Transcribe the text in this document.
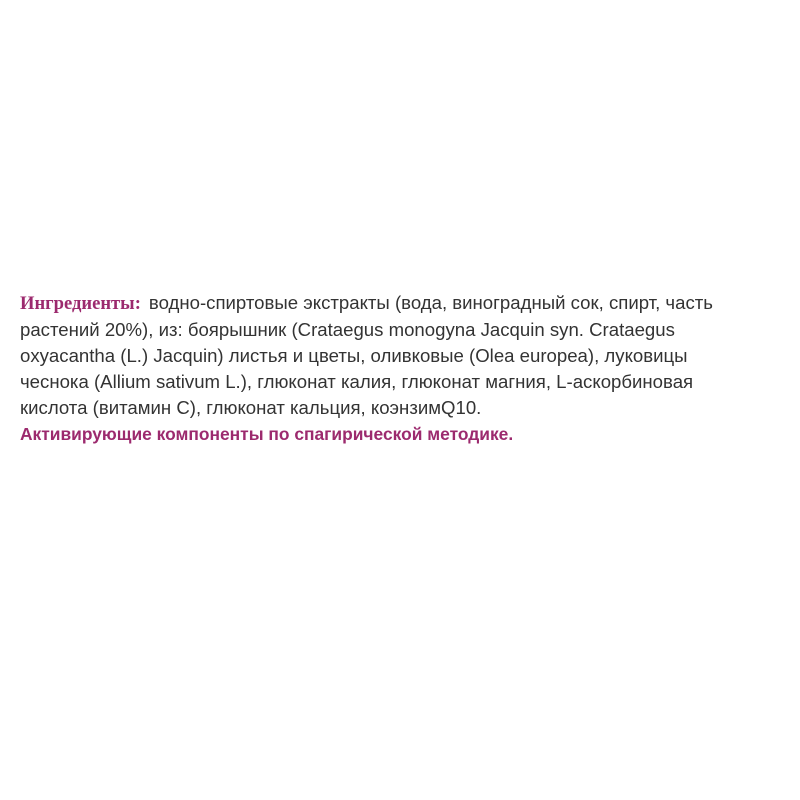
Ингредиенты: водно-спиртовые экстракты (вода, виноградный сок, спирт, часть
растений 20%), из: боярышник (Crataegus monogyna Jacquin syn. Crataegus
oxyacantha (L.) Jacquin) листья и цветы, оливковые (Olea europea), луковицы
чеснока (Allium sativum L.), глюконат калия, глюконат магния, L-аскорбиновая
кислота (витамин С), глюконат кальция, коэнзимQ10.

Активирующие компоненты по спагирической методике.
